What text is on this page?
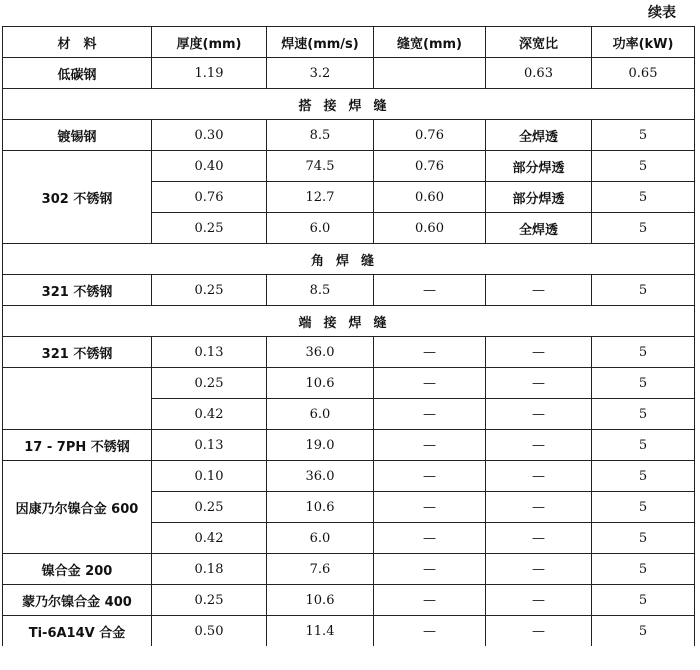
续表
材　料	厚度(mm)	焊速(mm/s)	缝宽(mm)	深宽比	功率(kW)
低碳钢	1.19	3.2		0.63	0.65
搭接焊缝					
镀锡钢	0.30	8.5	0.76	全焊透	5
302 不锈钢	0.40	74.5	0.76	部分焊透	5
	0.76	12.7	0.60	部分焊透	5
	0.25	6.0	0.60	全焊透	5
角焊缝					
321 不锈钢	0.25	8.5	—	—	5
端接焊缝					
321 不锈钢	0.13	36.0	—	—	5
	0.25	10.6	—	—	5
	0.42	6.0	—	—	5
17 - 7PH 不锈钢	0.13	19.0	—	—	5
因康乃尔镍合金 600	0.10	36.0	—	—	5
	0.25	10.6	—	—	5
	0.42	6.0	—	—	5
镍合金 200	0.18	7.6	—	—	5
蒙乃尔镍合金 400	0.25	10.6	—	—	5
Ti-6A14V 合金	0.50	11.4	—	—	5
